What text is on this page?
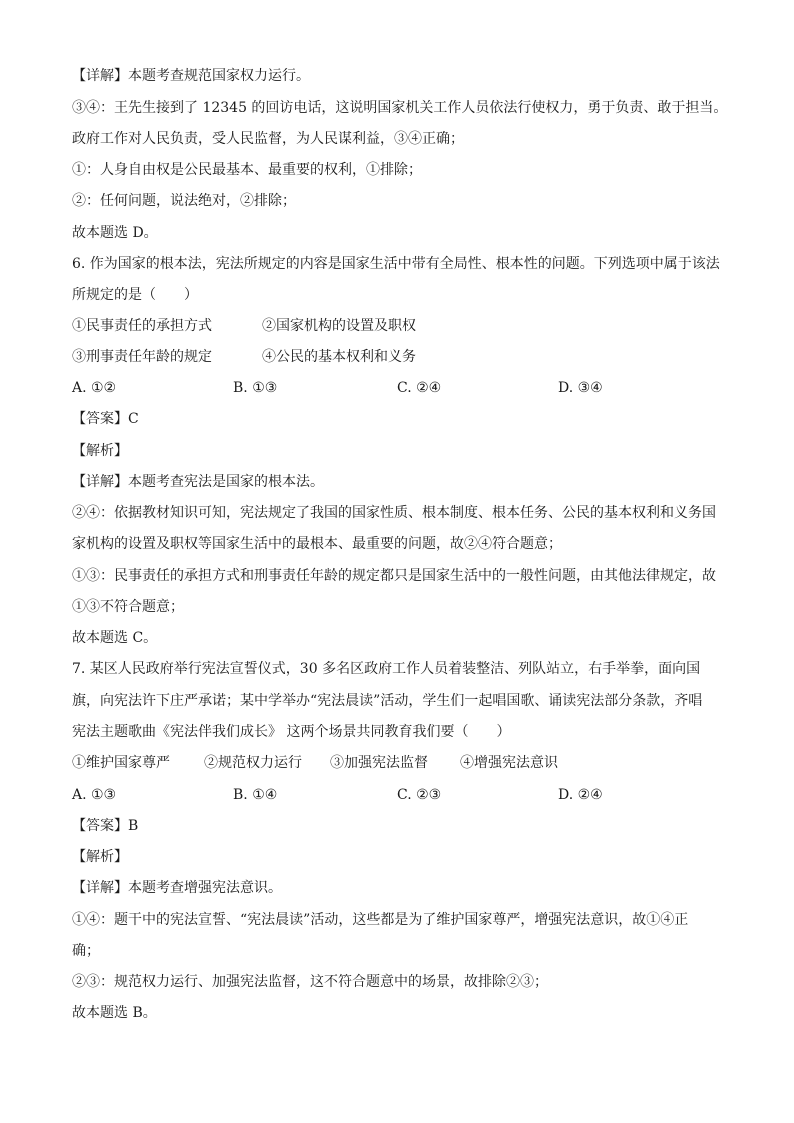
【详解】本题考查规范国家权力运行。
③④：王先生接到了 12345 的回访电话，这说明国家机关工作人员依法行使权力，勇于负责、敢于担当。
政府工作对人民负责，受人民监督，为人民谋利益，③④正确；
①：人身自由权是公民最基本、最重要的权利，①排除；
②：任何问题，说法绝对，②排除；
故本题选 D。
6. 作为国家的根本法，宪法所规定的内容是国家生活中带有全局性、根本性的问题。下列选项中属于该法
所规定的是（　　）
①民事责任的承担方式	②国家机构的设置及职权
③刑事责任年龄的规定	④公民的基本权利和义务
A. ①②	B. ①③	C. ②④	D. ③④
【答案】C
【解析】
【详解】本题考查宪法是国家的根本法。
②④：依据教材知识可知，宪法规定了我国的国家性质、根本制度、根本任务、公民的基本权利和义务国
家机构的设置及职权等国家生活中的最根本、最重要的问题，故②④符合题意；
①③：民事责任的承担方式和刑事责任年龄的规定都只是国家生活中的一般性问题，由其他法律规定，故
①③不符合题意；
故本题选 C。
7. 某区人民政府举行宪法宣誓仪式，30 多名区政府工作人员着装整洁、列队站立，右手举拳，面向国
旗，向宪法许下庄严承诺；某中学举办“宪法晨读”活动，学生们一起唱国歌、诵读宪法部分条款，齐唱
宪法主题歌曲《宪法伴我们成长》 这两个场景共同教育我们要（　　）
①维护国家尊严 ②规范权力运行 ③加强宪法监督 ④增强宪法意识
A. ①③	B. ①④	C. ②③	D. ②④
【答案】B
【解析】
【详解】本题考查增强宪法意识。
①④：题干中的宪法宣誓、“宪法晨读”活动，这些都是为了维护国家尊严，增强宪法意识，故①④正
确；
②③：规范权力运行、加强宪法监督，这不符合题意中的场景，故排除②③；
故本题选 B。
